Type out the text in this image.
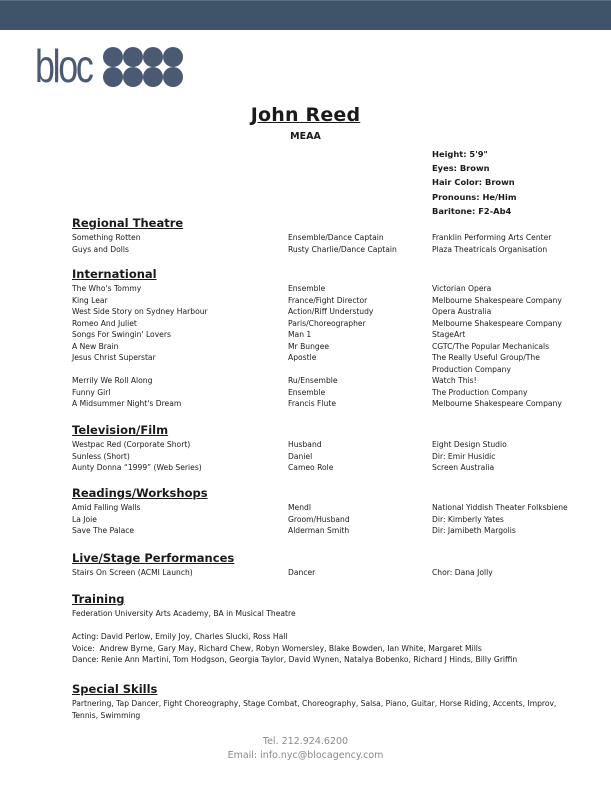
bloc
John Reed
MEAA
Height: 5'9"
Eyes: Brown
Hair Color: Brown
Pronouns: He/Him
Baritone: F2-Ab4
Regional Theatre
Something Rotten	Ensemble/Dance Captain	Franklin Performing Arts Center
Guys and Dolls	Rusty Charlie/Dance Captain	Plaza Theatricals Organisation
International
The Who's Tommy	Ensemble	Victorian Opera
King Lear	France/Fight Director	Melbourne Shakespeare Company
West Side Story on Sydney Harbour	Action/Riff Understudy	Opera Australia
Romeo And Juliet	Paris/Choreographer	Melbourne Shakespeare Company
Songs For Swingin' Lovers	Man 1	StageArt
A New Brain	Mr Bungee	CGTC/The Popular Mechanicals
Jesus Christ Superstar	Apostle	The Really Useful Group/The Production Company
Merrily We Roll Along	Ru/Ensemble	Watch This!
Funny Girl	Ensemble	The Production Company
A Midsummer Night's Dream	Francis Flute	Melbourne Shakespeare Company
Television/Film
Westpac Red (Corporate Short)	Husband	Eight Design Studio
Sunless (Short)	Daniel	Dir: Emir Husidic
Aunty Donna “1999” (Web Series)	Cameo Role	Screen Australia
Readings/Workshops
Amid Falling Walls	Mendl	National Yiddish Theater Folksbiene
La Joie	Groom/Husband	Dir: Kimberly Yates
Save The Palace	Alderman Smith	Dir: Jamibeth Margolis
Live/Stage Performances
Stairs On Screen (ACMI Launch)	Dancer	Chor: Dana Jolly
Training
Federation University Arts Academy, BA in Musical Theatre
Acting: David Perlow, Emily Joy, Charles Slucki, Ross Hall
Voice:  Andrew Byrne, Gary May, Richard Chew, Robyn Womersley, Blake Bowden, Ian White, Margaret Mills
Dance: Renie Ann Martini, Tom Hodgson, Georgia Taylor, David Wynen, Natalya Bobenko, Richard J Hinds, Billy Griffin
Special Skills
Partnering, Tap Dancer, Fight Choreography, Stage Combat, Choreography, Salsa, Piano, Guitar, Horse Riding, Accents, Improv, Tennis, Swimming
Tel. 212.924.6200
Email: info.nyc@blocagency.com
